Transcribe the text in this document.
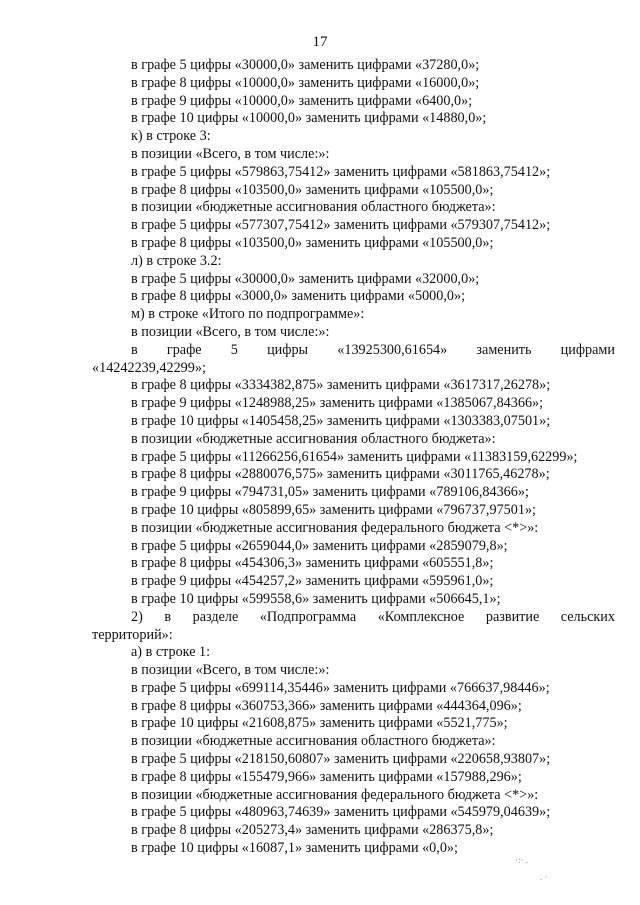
17
в графе 5 цифры «30000,0» заменить цифрами «37280,0»;
в графе 8 цифры «10000,0» заменить цифрами «16000,0»;
в графе 9 цифры «10000,0» заменить цифрами «6400,0»;
в графе 10 цифры «10000,0» заменить цифрами «14880,0»;
к) в строке 3:
в позиции «Всего, в том числе:»:
в графе 5 цифры «579863,75412» заменить цифрами «581863,75412»;
в графе 8 цифры «103500,0» заменить цифрами «105500,0»;
в позиции «бюджетные ассигнования областного бюджета»:
в графе 5 цифры «577307,75412» заменить цифрами «579307,75412»;
в графе 8 цифры «103500,0» заменить цифрами «105500,0»;
л) в строке 3.2:
в графе 5 цифры «30000,0» заменить цифрами «32000,0»;
в графе 8 цифры «3000,0» заменить цифрами «5000,0»;
м) в строке «Итого по подпрограмме»:
в позиции «Всего, в том числе:»:
в графе 5 цифры «13925300,61654» заменить цифрами
«14242239,42299»;
в графе 8 цифры «3334382,875» заменить цифрами «3617317,26278»;
в графе 9 цифры «1248988,25» заменить цифрами «1385067,84366»;
в графе 10 цифры «1405458,25» заменить цифрами «1303383,07501»;
в позиции «бюджетные ассигнования областного бюджета»:
в графе 5 цифры «11266256,61654» заменить цифрами «11383159,62299»;
в графе 8 цифры «2880076,575» заменить цифрами «3011765,46278»;
в графе 9 цифры «794731,05» заменить цифрами «789106,84366»;
в графе 10 цифры «805899,65» заменить цифрами «796737,97501»;
в позиции «бюджетные ассигнования федерального бюджета <*>»:
в графе 5 цифры «2659044,0» заменить цифрами «2859079,8»;
в графе 8 цифры «454306,3» заменить цифрами «605551,8»;
в графе 9 цифры «454257,2» заменить цифрами «595961,0»;
в графе 10 цифры «599558,6» заменить цифрами «506645,1»;
2) в разделе «Подпрограмма «Комплексное развитие сельских
территорий»:
а) в строке 1:
в позиции «Всего, в том числе:»:
в графе 5 цифры «699114,35446» заменить цифрами «766637,98446»;
в графе 8 цифры «360753,366» заменить цифрами «444364,096»;
в графе 10 цифры «21608,875» заменить цифрами «5521,775»;
в позиции «бюджетные ассигнования областного бюджета»:
в графе 5 цифры «218150,60807» заменить цифрами «220658,93807»;
в графе 8 цифры «155479,966» заменить цифрами «157988,296»;
в позиции «бюджетные ассигнования федерального бюджета <*>»:
в графе 5 цифры «480963,74639» заменить цифрами «545979,04639»;
в графе 8 цифры «205273,4» заменить цифрами «286375,8»;
в графе 10 цифры «16087,1» заменить цифрами «0,0»;
·:· .
. ·
